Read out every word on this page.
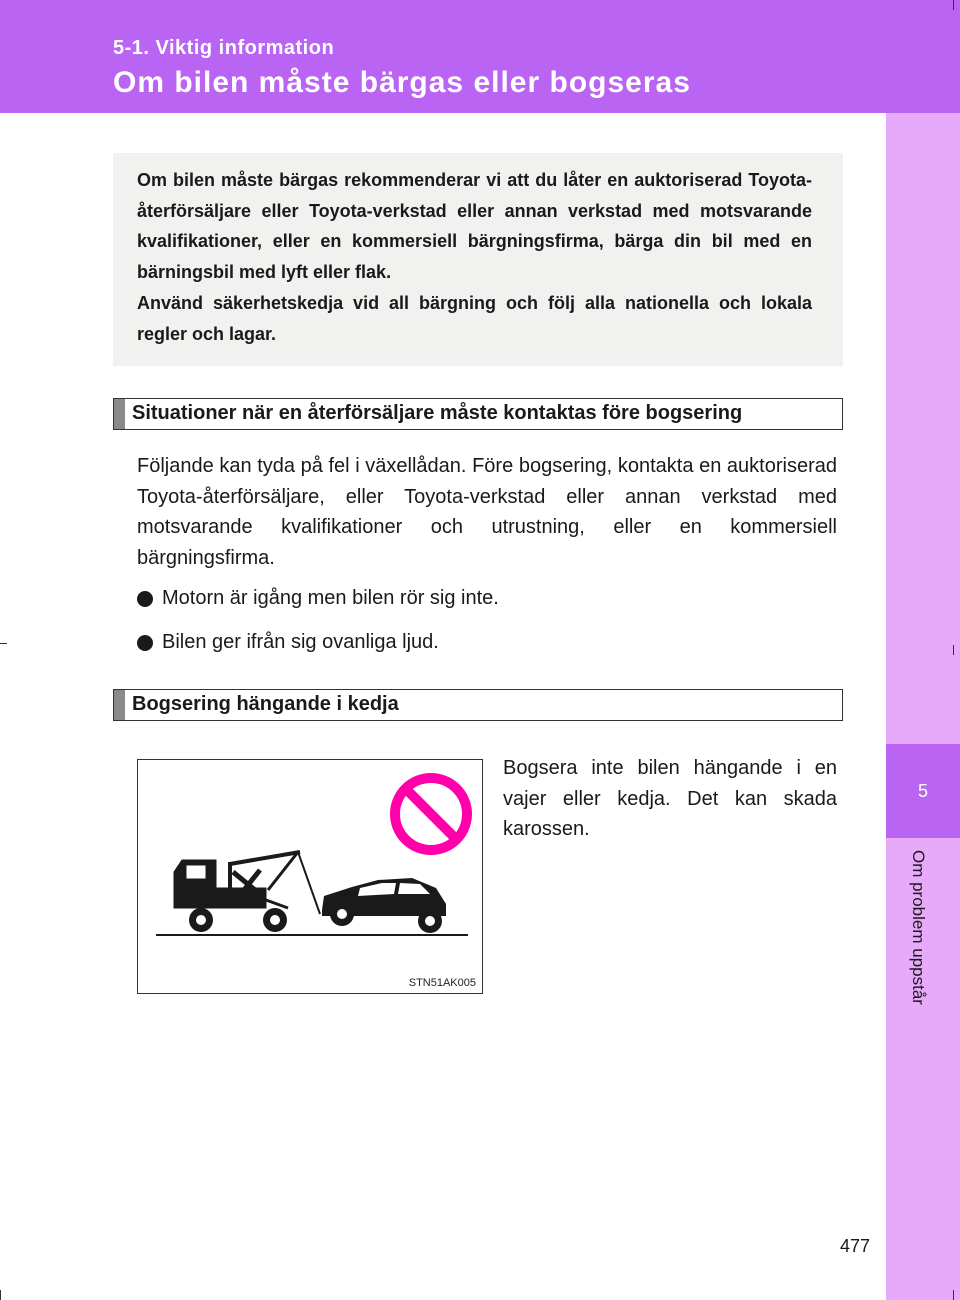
5-1. Viktig information
Om bilen måste bärgas eller bogseras
5
Om problem uppstår

Om bilen måste bärgas rekommenderar vi att du låter en auktoriserad Toyota-återförsäljare eller Toyota-verkstad eller annan verkstad med motsvarande kvalifikationer, eller en kommersiell bärgningsfirma, bärga din bil med en bärningsbil med lyft eller flak.

Använd säkerhetskedja vid all bärgning och följ alla nationella och lokala regler och lagar.

Situationer när en återförsäljare måste kontaktas före bogsering

Följande kan tyda på fel i växellådan. Före bogsering, kontakta en auktoriserad Toyota-återförsäljare, eller Toyota-verkstad eller annan verkstad med motsvarande kvalifikationer och utrustning, eller en kommersiell bärgningsfirma.

Motorn är igång men bilen rör sig inte.
Bilen ger ifrån sig ovanliga ljud.
Bogsering hängande i kedja
STN51AK005

Bogsera inte bilen hängande i en vajer eller kedja. Det kan skada karossen.

477
